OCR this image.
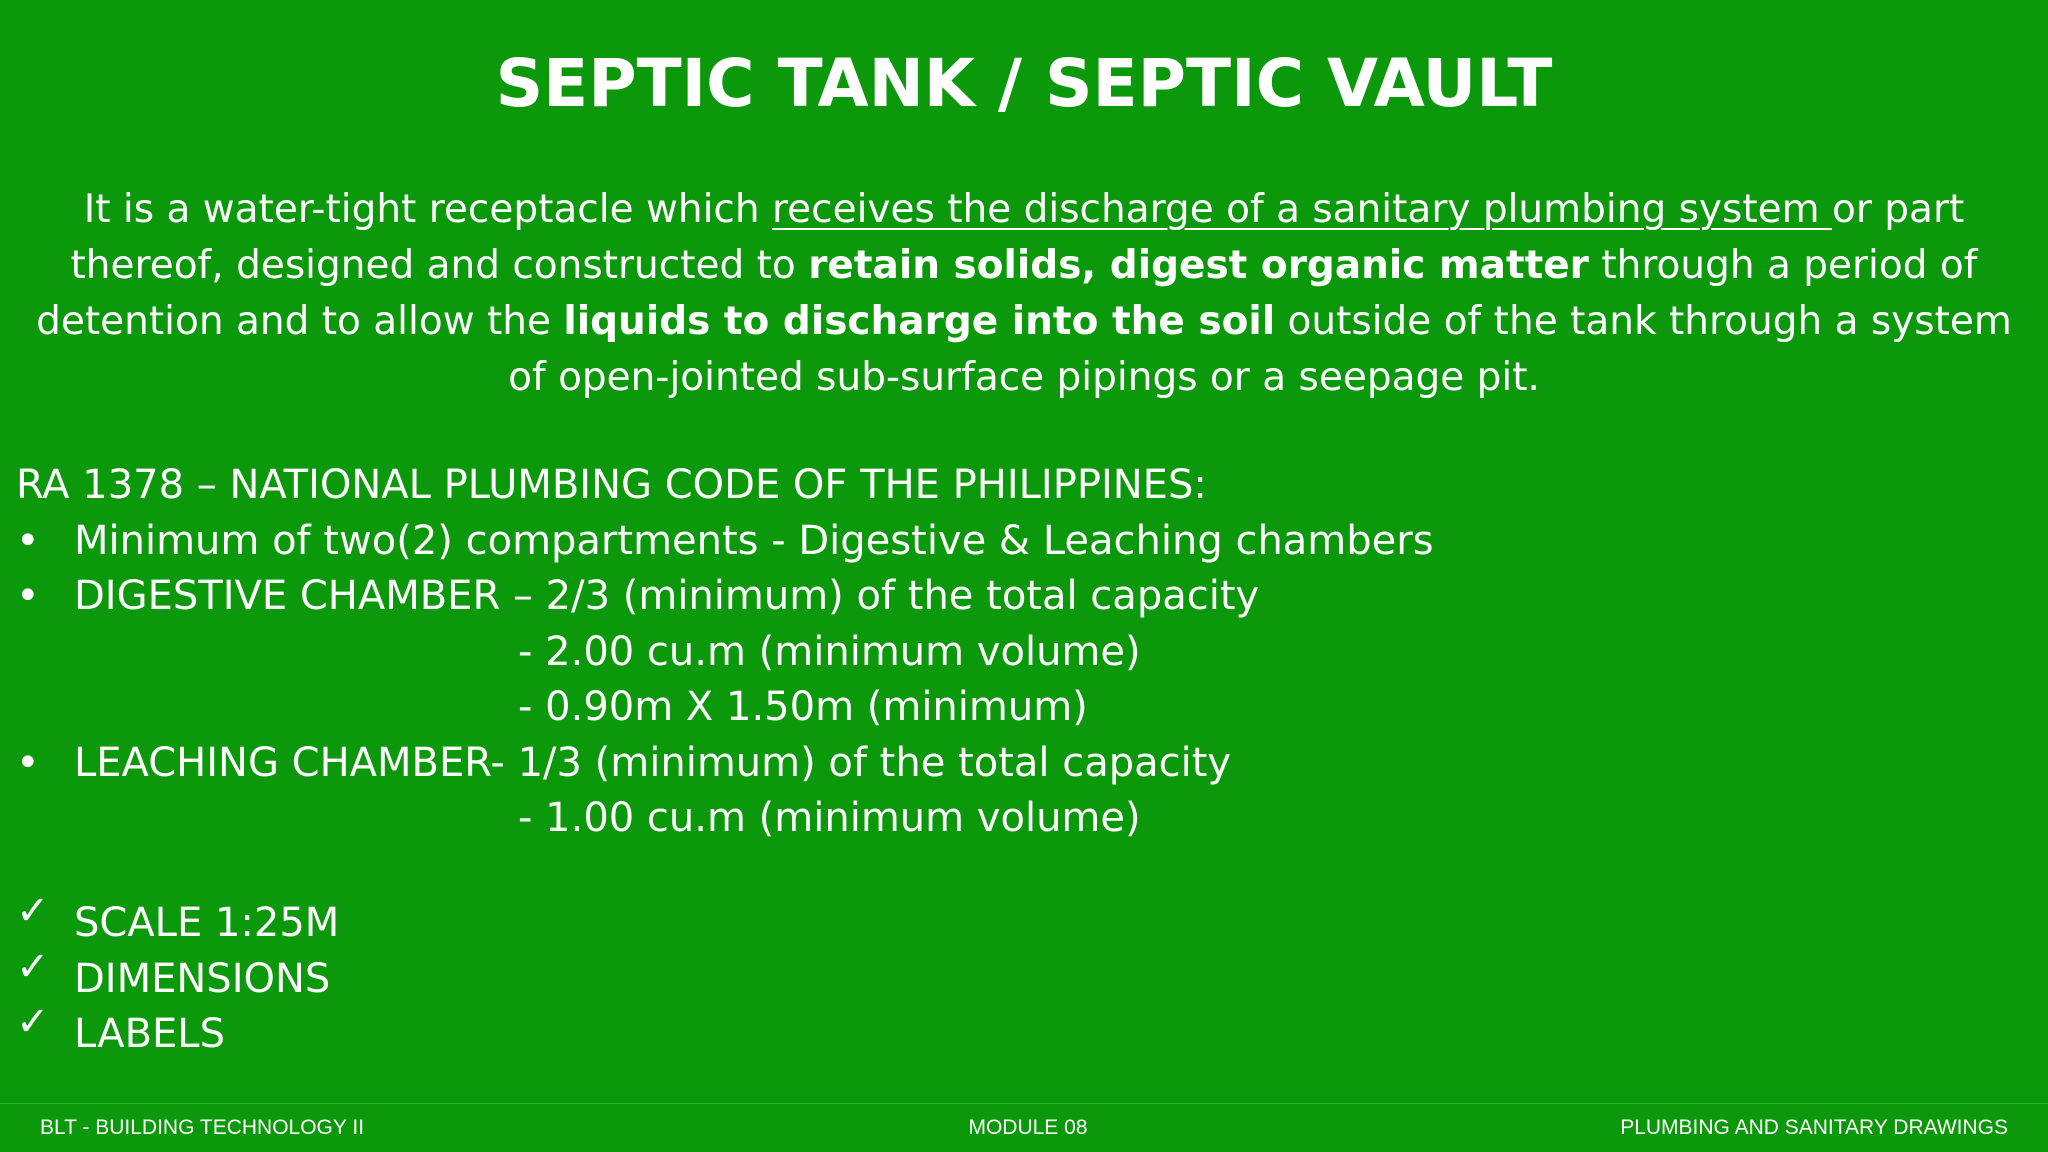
SEPTIC TANK / SEPTIC VAULT
It is a water-tight receptacle which receives the discharge of a sanitary plumbing system or part thereof, designed and constructed to retain solids, digest organic matter through a period of detention and to allow the liquids to discharge into the soil outside of the tank through a system of open-jointed sub-surface pipings or a seepage pit.
RA 1378 – NATIONAL PLUMBING CODE OF THE PHILIPPINES:
• Minimum of two(2) compartments - Digestive & Leaching chambers
• DIGESTIVE CHAMBER – 2/3 (minimum) of the total capacity
- 2.00 cu.m (minimum volume)
- 0.90m X 1.50m (minimum)
• LEACHING CHAMBER- 1/3 (minimum) of the total capacity
- 1.00 cu.m (minimum volume)
✓ SCALE 1:25M
✓ DIMENSIONS
✓ LABELS
BLT - BUILDING TECHNOLOGY II	MODULE 08	PLUMBING AND SANITARY DRAWINGS
